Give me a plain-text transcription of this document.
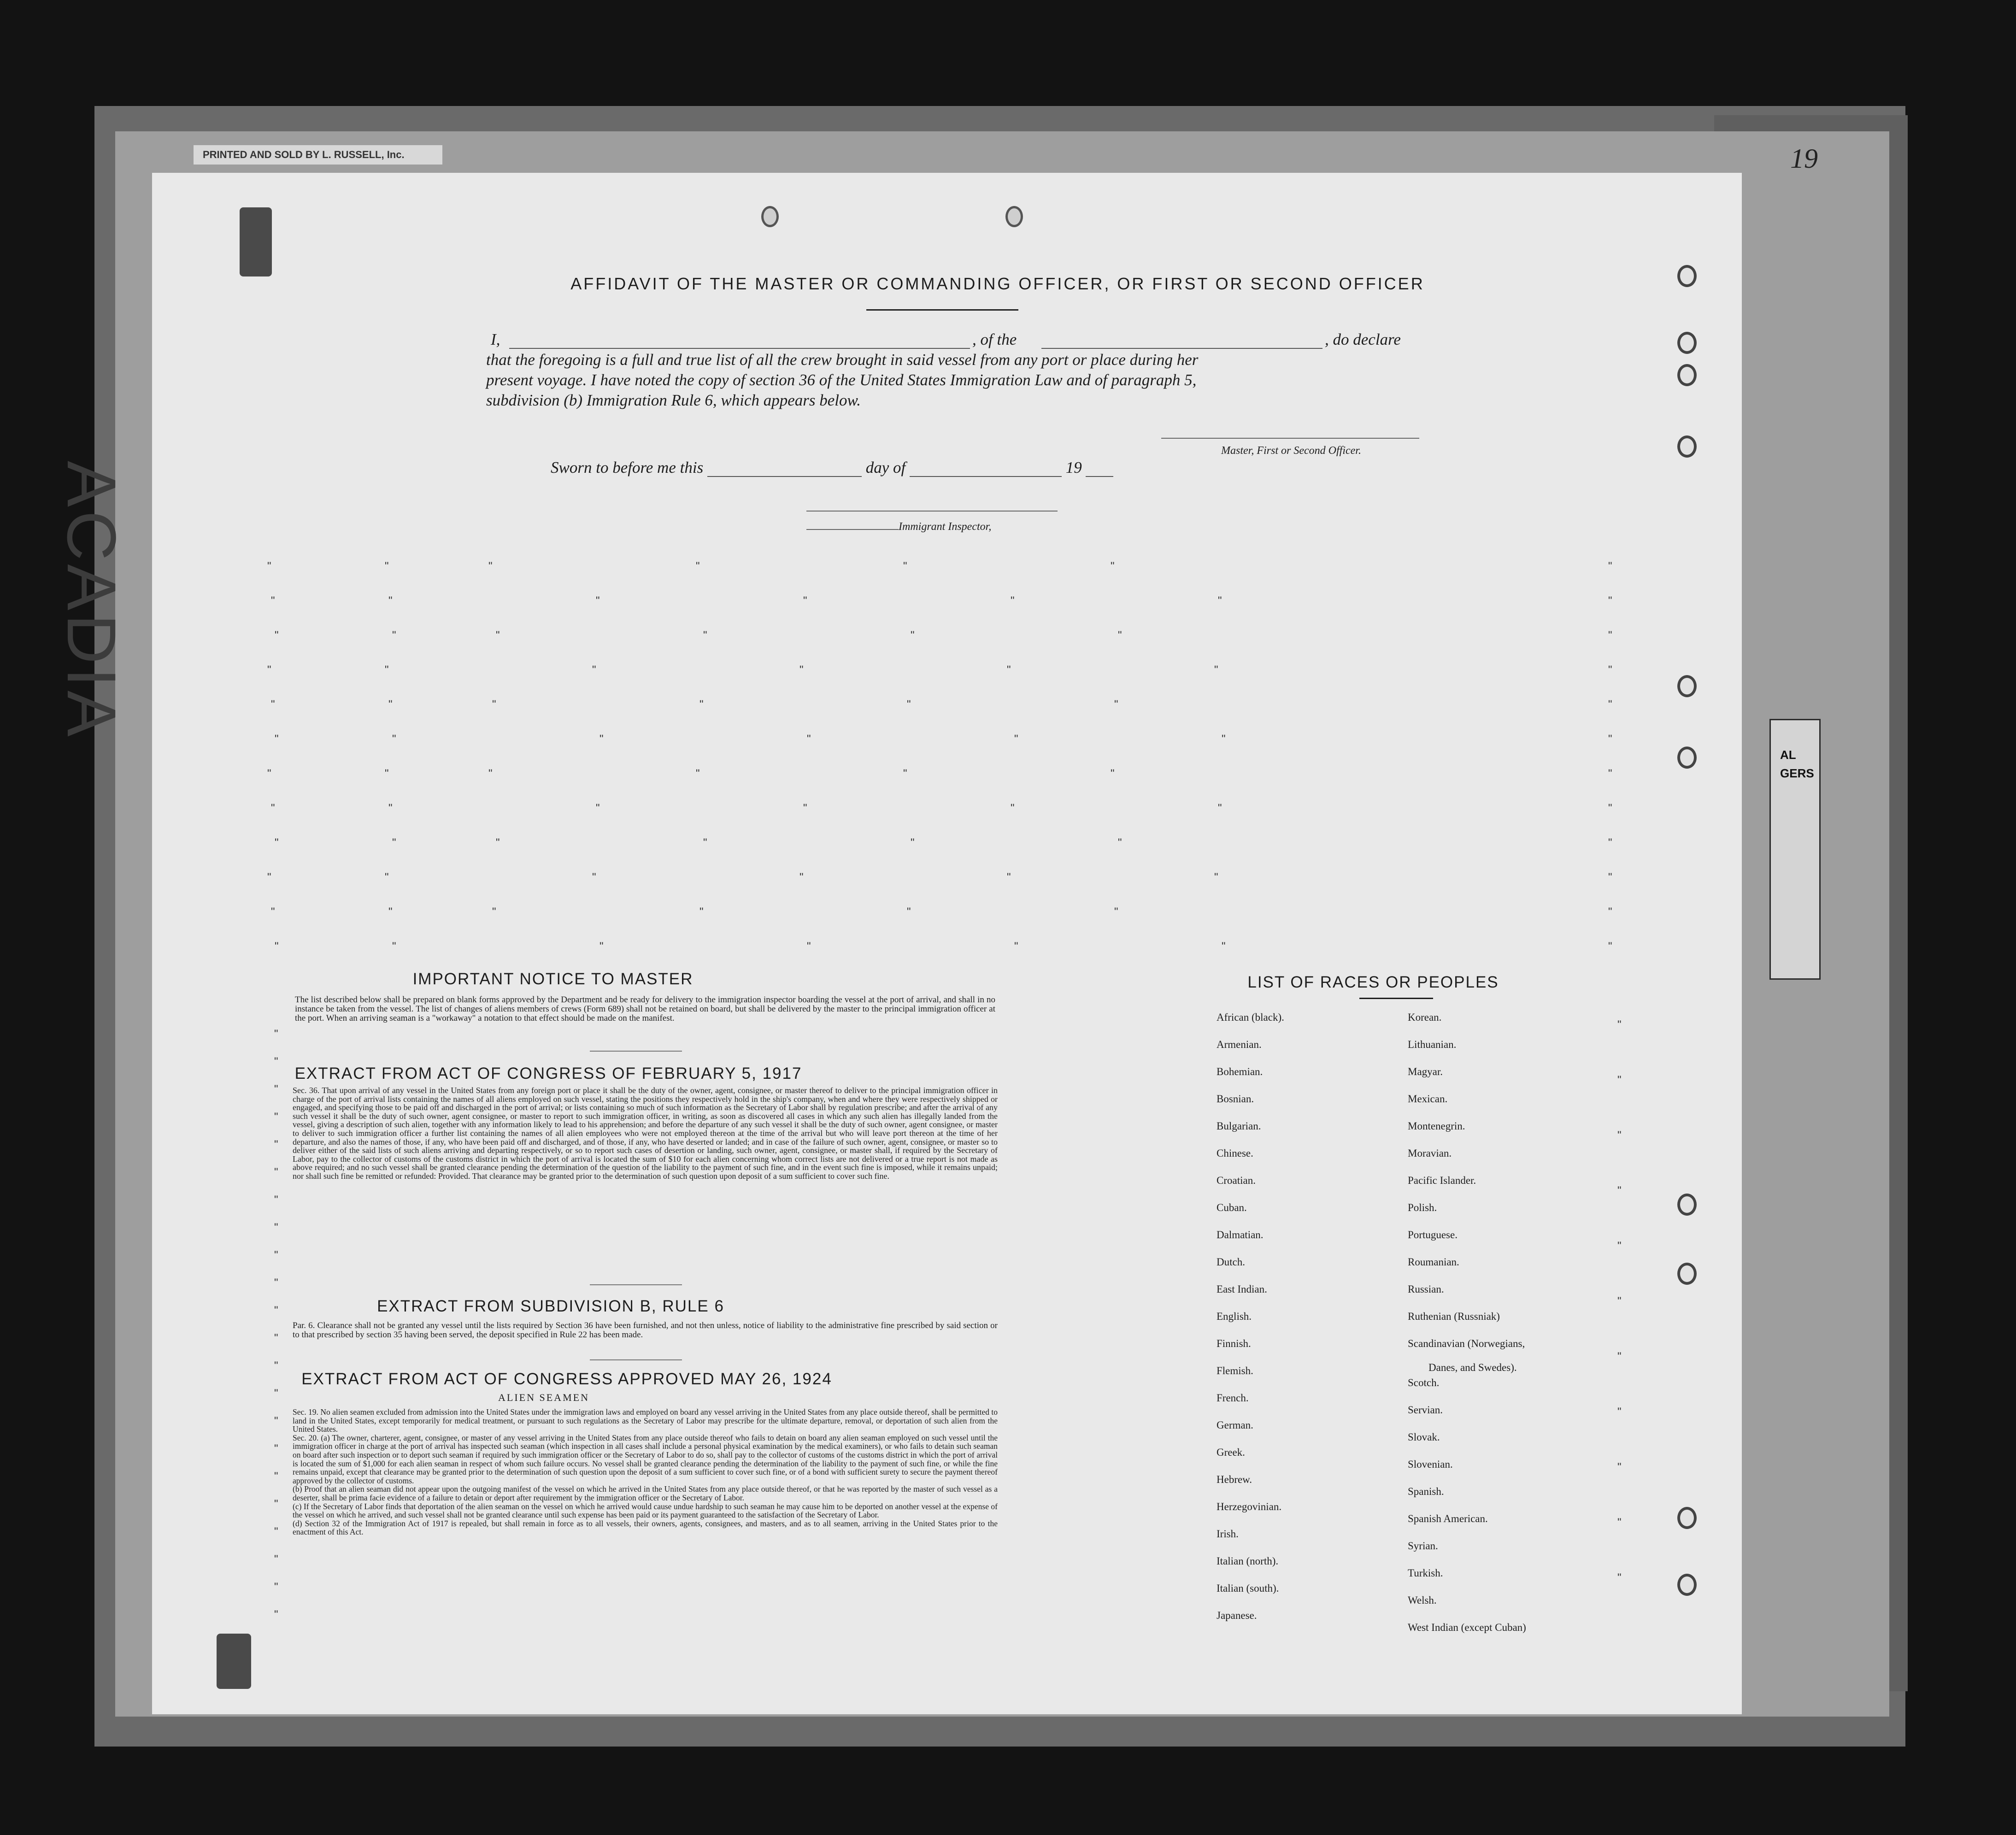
PRINTED AND SOLD BY L. RUSSELL, Inc.
ACADIA
19
AL
GERS
AFFIDAVIT OF THE MASTER OR COMMANDING OFFICER, OR FIRST OR SECOND OFFICER
I,	, of the	, do declare
that the foregoing is a full and true list of all the crew brought in said vessel from any port or place during her
present voyage. I have noted the copy of section 36 of the United States Immigration Law and of paragraph 5,
subdivision (b) Immigration Rule 6, which appears below.
Master, First or Second Officer.
Sworn to before me this	day of	19
Immigrant Inspector,
"	"	"	"	"	"	"
"	"	"	"	"	"	"
"	"	"	"	"	"	"
"	"	"	"	"	"	"
"	"	"	"	"	"	"
"	"	"	"	"	"	"
"	"	"	"	"	"	"
"	"	"	"	"	"	"
"	"	"	"	"	"	"
"	"	"	"	"	"	"
"	"	"	"	"	"	"
"	"	"	"	"	"	"
"
"
"
"
"
"
"
"
"
"
"
"
"
"
"
"
"
"
"
"
"
"
"
"
"
"
"
"
"
"
"
"
"
IMPORTANT NOTICE TO MASTER
The list described below shall be prepared on blank forms approved by the Department and be ready for delivery to the immigration inspector boarding the vessel at the port of arrival, and shall in no instance be taken from the vessel. The list of changes of aliens members of crews (Form 689) shall not be retained on board, but shall be delivered by the master to the principal immigration officer at the port. When an arriving seaman is a "workaway" a notation to that effect should be made on the manifest.
EXTRACT FROM ACT OF CONGRESS OF FEBRUARY 5, 1917
Sec. 36. That upon arrival of any vessel in the United States from any foreign port or place it shall be the duty of the owner, agent, consignee, or master thereof to deliver to the principal immigration officer in charge of the port of arrival lists containing the names of all aliens employed on such vessel, stating the positions they respectively hold in the ship's company, when and where they were respectively shipped or engaged, and specifying those to be paid off and discharged in the port of arrival; or lists containing so much of such information as the Secretary of Labor shall by regulation prescribe; and after the arrival of any such vessel it shall be the duty of such owner, agent consignee, or master to report to such immigration officer, in writing, as soon as discovered all cases in which any such alien has illegally landed from the vessel, giving a description of such alien, together with any information likely to lead to his apprehension; and before the departure of any such vessel it shall be the duty of such owner, agent consignee, or master to deliver to such immigration officer a further list containing the names of all alien employees who were not employed thereon at the time of the arrival but who will leave port thereon at the time of her departure, and also the names of those, if any, who have been paid off and discharged, and of those, if any, who have deserted or landed; and in case of the failure of such owner, agent, consignee, or master so to deliver either of the said lists of such aliens arriving and departing respectively, or so to report such cases of desertion or landing, such owner, agent, consignee, or master shall, if required by the Secretary of Labor, pay to the collector of customs of the customs district in which the port of arrival is located the sum of $10 for each alien concerning whom correct lists are not delivered or a true report is not made as above required; and no such vessel shall be granted clearance pending the determination of the question of the liability to the payment of such fine, and in the event such fine is imposed, while it remains unpaid; nor shall such fine be remitted or refunded: Provided. That clearance may be granted prior to the determination of such question upon deposit of a sum sufficient to cover such fine.
EXTRACT FROM SUBDIVISION B, RULE 6
Par. 6. Clearance shall not be granted any vessel until the lists required by Section 36 have been furnished, and not then unless, notice of liability to the administrative fine prescribed by said section or to that prescribed by section 35 having been served, the deposit specified in Rule 22 has been made.
EXTRACT FROM ACT OF CONGRESS APPROVED MAY 26, 1924
ALIEN SEAMEN
Sec. 19. No alien seamen excluded from admission into the United States under the immigration laws and employed on board any vessel arriving in the United States from any place outside thereof, shall be permitted to land in the United States, except temporarily for medical treatment, or pursuant to such regulations as the Secretary of Labor may prescribe for the ultimate departure, removal, or deportation of such alien from the United States.
Sec. 20. (a) The owner, charterer, agent, consignee, or master of any vessel arriving in the United States from any place outside thereof who fails to detain on board any alien seaman employed on such vessel until the immigration officer in charge at the port of arrival has inspected such seaman (which inspection in all cases shall include a personal physical examination by the medical examiners), or who fails to detain such seaman on board after such inspection or to deport such seaman if required by such immigration officer or the Secretary of Labor to do so, shall pay to the collector of customs of the customs district in which the port of arrival is located the sum of $1,000 for each alien seaman in respect of whom such failure occurs. No vessel shall be granted clearance pending the determination of the liability to the payment of such fine, or while the fine remains unpaid, except that clearance may be granted prior to the determination of such question upon the deposit of a sum sufficient to cover such fine, or of a bond with sufficient surety to secure the payment thereof approved by the collector of customs.
(b) Proof that an alien seaman did not appear upon the outgoing manifest of the vessel on which he arrived in the United States from any place outside thereof, or that he was reported by the master of such vessel as a deserter, shall be prima facie evidence of a failure to detain or deport after requirement by the immigration officer or the Secretary of Labor.
(c) If the Secretary of Labor finds that deportation of the alien seaman on the vessel on which he arrived would cause undue hardship to such seaman he may cause him to be deported on another vessel at the expense of the vessel on which he arrived, and such vessel shall not be granted clearance until such expense has been paid or its payment guaranteed to the satisfaction of the Secretary of Labor.
(d) Section 32 of the Immigration Act of 1917 is repealed, but shall remain in force as to all vessels, their owners, agents, consignees, and masters, and as to all seamen, arriving in the United States prior to the enactment of this Act.
LIST OF RACES OR PEOPLES
African (black).
Armenian.
Bohemian.
Bosnian.
Bulgarian.
Chinese.
Croatian.
Cuban.
Dalmatian.
Dutch.
East Indian.
English.
Finnish.
Flemish.
French.
German.
Greek.
Hebrew.
Herzegovinian.
Irish.
Italian (north).
Italian (south).
Japanese.
Korean.
Lithuanian.
Magyar.
Mexican.
Montenegrin.
Moravian.
Pacific Islander.
Polish.
Portuguese.
Roumanian.
Russian.
Ruthenian (Russniak)
Scandinavian (Norwegians,
Danes, and Swedes).
Scotch.
Servian.
Slovak.
Slovenian.
Spanish.
Spanish American.
Syrian.
Turkish.
Welsh.
West Indian (except Cuban)
